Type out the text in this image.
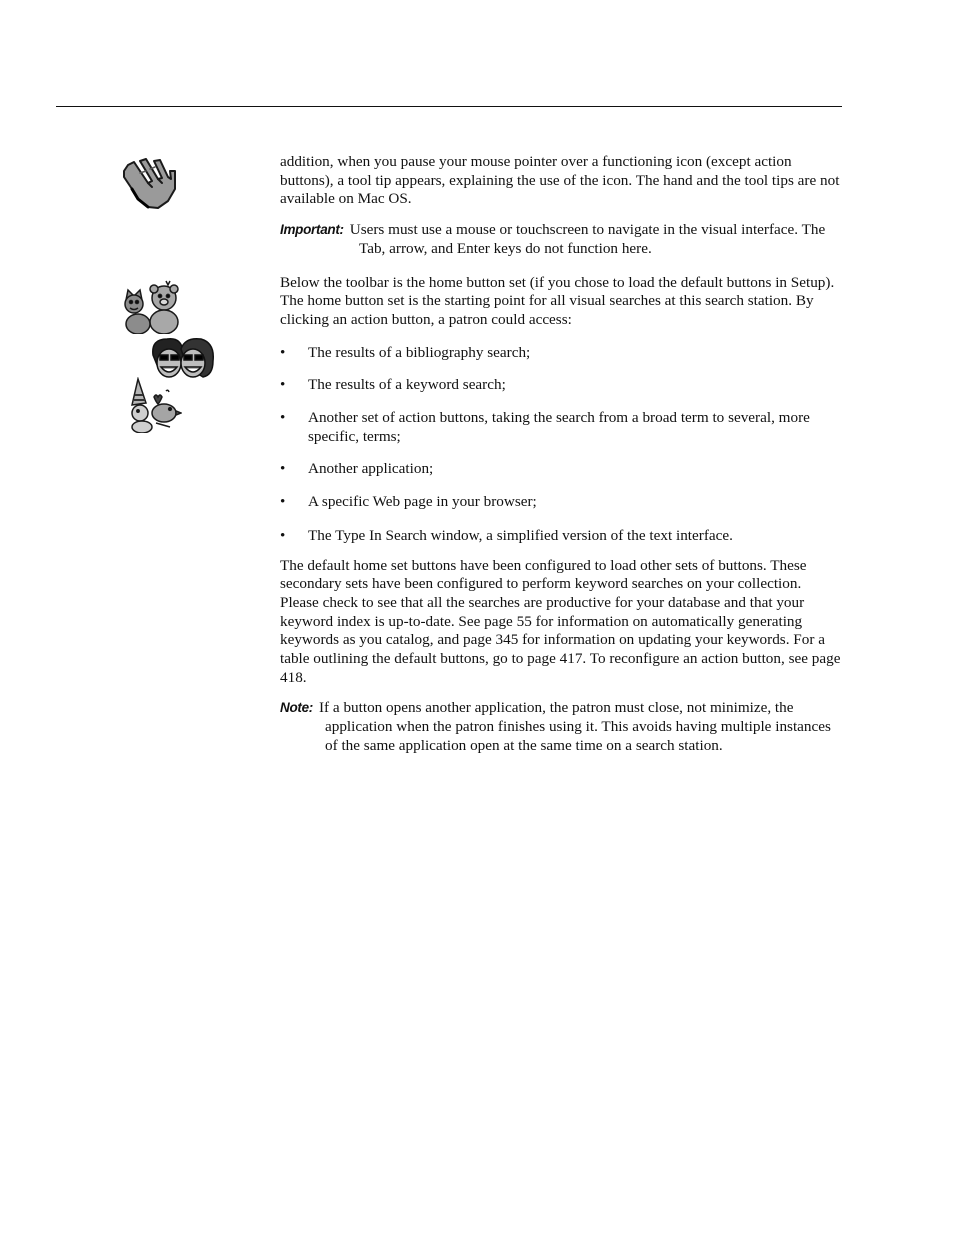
addition, when you pause your mouse pointer over a functioning icon (except action buttons), a tool tip appears, explaining the use of the icon. The hand and the tool tips are not available on Mac OS.

Important: Users must use a mouse or touchscreen to navigate in the visual interface. The Tab, arrow, and Enter keys do not function here.

Below the toolbar is the home button set (if you chose to load the default buttons in Setup). The home button set is the starting point for all visual searches at this search station. By clicking an action button, a patron could access:

• The results of a bibliography search;
• The results of a keyword search;
• Another set of action buttons, taking the search from a broad term to several, more specific, terms;
• Another application;
• A specific Web page in your browser;
• The Type In Search window, a simplified version of the text interface.

The default home set buttons have been configured to load other sets of buttons. These secondary sets have been configured to perform keyword searches on your collection. Please check to see that all the searches are productive for your database and that your keyword index is up-to-date. See page 55 for information on automatically generating keywords as you catalog, and page 345 for information on updating your keywords. For a table outlining the default buttons, go to page 417. To reconfigure an action button, see page 418.

Note: If a button opens another application, the patron must close, not minimize, the application when the patron finishes using it. This avoids having multiple instances of the same application open at the same time on a search station.
